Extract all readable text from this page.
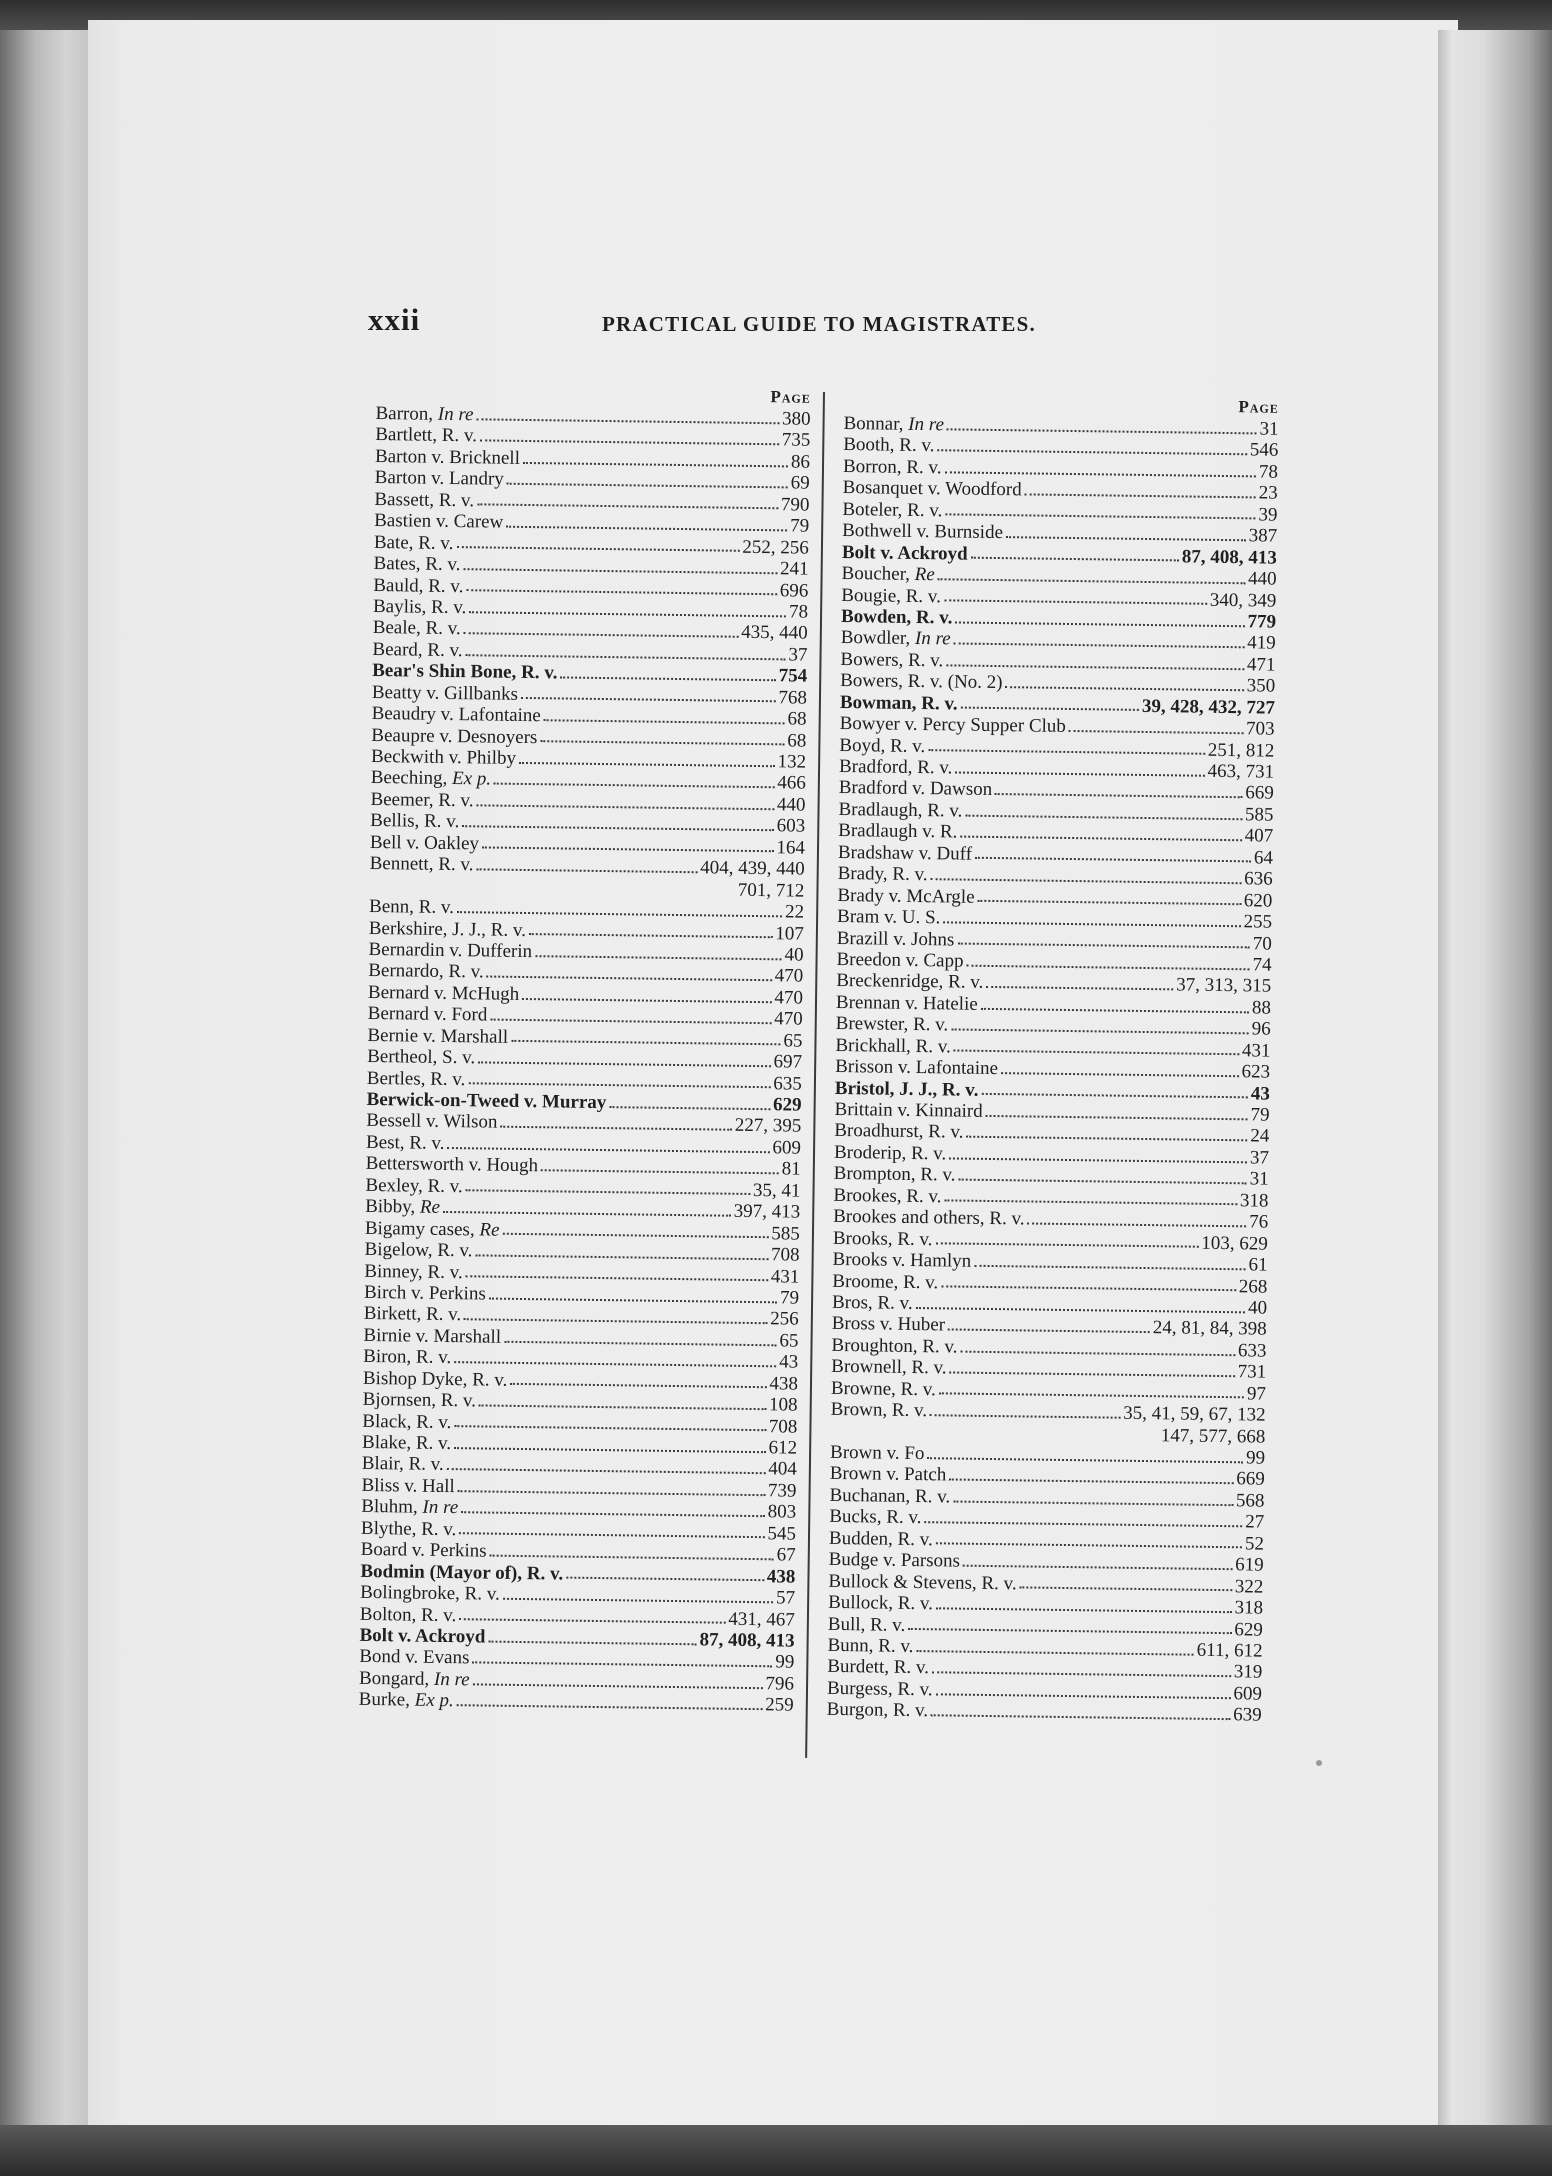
xxii	PRACTICAL GUIDE TO MAGISTRATES.
Page
Barron, In re	380
Bartlett, R. v.	735
Barton v. Bricknell	86
Barton v. Landry	69
Bassett, R. v.	790
Bastien v. Carew	79
Bate, R. v.	252, 256
Bates, R. v.	241
Bauld, R. v.	696
Baylis, R. v.	78
Beale, R. v.	435, 440
Beard, R. v.	37
Bear's Shin Bone, R. v.	754
Beatty v. Gillbanks	768
Beaudry v. Lafontaine	68
Beaupre v. Desnoyers	68
Beckwith v. Philby	132
Beeching, Ex p.	466
Beemer, R. v.	440
Bellis, R. v.	603
Bell v. Oakley	164
Bennett, R. v.	404, 439, 440
701, 712
Benn, R. v.	22
Berkshire, J. J., R. v.	107
Bernardin v. Dufferin	40
Bernardo, R. v.	470
Bernard v. McHugh	470
Bernard v. Ford	470
Bernie v. Marshall	65
Bertheol, S. v.	697
Bertles, R. v.	635
Berwick-on-Tweed v. Murray	629
Bessell v. Wilson	227, 395
Best, R. v.	609
Bettersworth v. Hough	81
Bexley, R. v.	35, 41
Bibby, Re	397, 413
Bigamy cases, Re	585
Bigelow, R. v.	708
Binney, R. v.	431
Birch v. Perkins	79
Birkett, R. v.	256
Birnie v. Marshall	65
Biron, R. v.	43
Bishop Dyke, R. v.	438
Bjornsen, R. v.	108
Black, R. v.	708
Blake, R. v.	612
Blair, R. v.	404
Bliss v. Hall	739
Bluhm, In re	803
Blythe, R. v.	545
Board v. Perkins	67
Bodmin (Mayor of), R. v.	438
Bolingbroke, R. v.	57
Bolton, R. v.	431, 467
Bolt v. Ackroyd	87, 408, 413
Bond v. Evans	99
Bongard, In re	796
Burke, Ex p.	259
Page
Bonnar, In re	31
Booth, R. v.	546
Borron, R. v.	78
Bosanquet v. Woodford	23
Boteler, R. v.	39
Bothwell v. Burnside	387
Bolt v. Ackroyd	87, 408, 413
Boucher, Re	440
Bougie, R. v.	340, 349
Bowden, R. v.	779
Bowdler, In re	419
Bowers, R. v.	471
Bowers, R. v. (No. 2)	350
Bowman, R. v.	39, 428, 432, 727
Bowyer v. Percy Supper Club	703
Boyd, R. v.	251, 812
Bradford, R. v.	463, 731
Bradford v. Dawson	669
Bradlaugh, R. v.	585
Bradlaugh v. R.	407
Bradshaw v. Duff	64
Brady, R. v.	636
Brady v. McArgle	620
Bram v. U. S.	255
Brazill v. Johns	70
Breedon v. Capp	74
Breckenridge, R. v.	37, 313, 315
Brennan v. Hatelie	88
Brewster, R. v.	96
Brickhall, R. v.	431
Brisson v. Lafontaine	623
Bristol, J. J., R. v.	43
Brittain v. Kinnaird	79
Broadhurst, R. v.	24
Broderip, R. v.	37
Brompton, R. v.	31
Brookes, R. v.	318
Brookes and others, R. v.	76
Brooks, R. v.	103, 629
Brooks v. Hamlyn	61
Broome, R. v.	268
Bros, R. v.	40
Bross v. Huber	24, 81, 84, 398
Broughton, R. v.	633
Brownell, R. v.	731
Browne, R. v.	97
Brown, R. v.	35, 41, 59, 67, 132
147, 577, 668
Brown v. Fo	99
Brown v. Patch	669
Buchanan, R. v.	568
Bucks, R. v.	27
Budden, R. v.	52
Budge v. Parsons	619
Bullock & Stevens, R. v.	322
Bullock, R. v.	318
Bull, R. v.	629
Bunn, R. v.	611, 612
Burdett, R. v.	319
Burgess, R. v.	609
Burgon, R. v.	639
